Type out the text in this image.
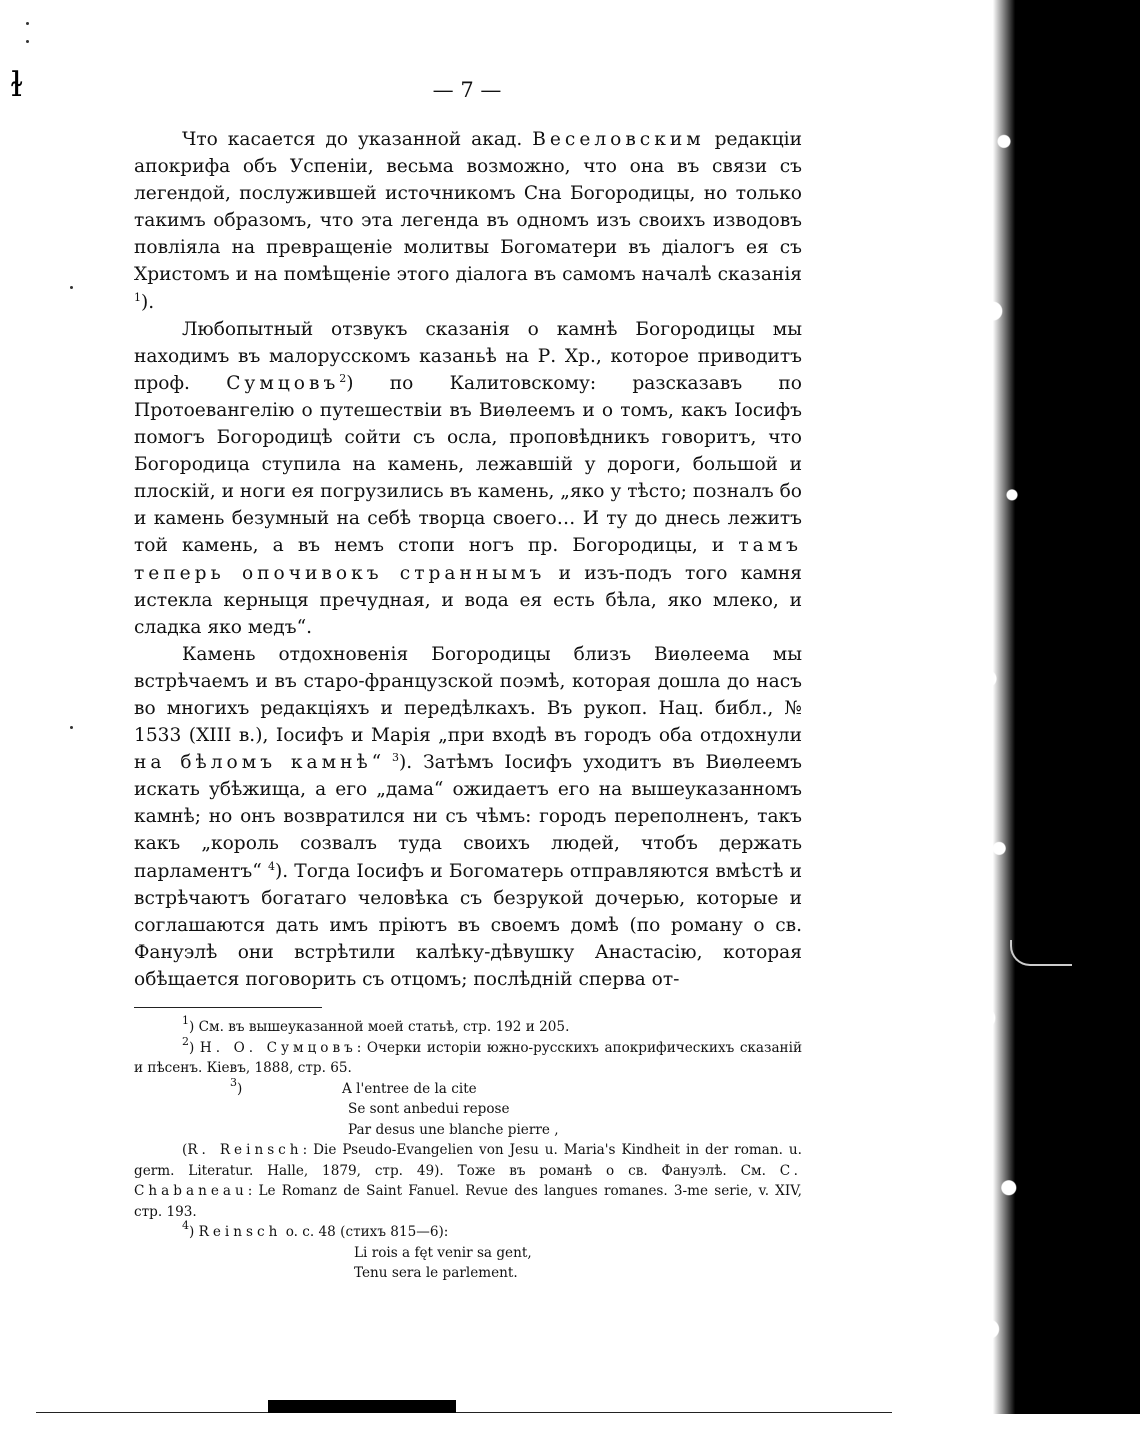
ɫ	— 7 —

Что касается до указанной акад. Веселовским редакціи апокрифа объ Успеніи, весьма возможно, что она въ связи съ легендой, послужившей источникомъ Сна Богородицы, но только такимъ образомъ, что эта легенда въ одномъ изъ своихъ изводовъ повліяла на превращеніе молитвы Богоматери въ діалогъ ея съ Христомъ и на помѣщеніе этого діалога въ самомъ началѣ сказанія $^1$).

Любопытный отзвукъ сказанія о камнѣ Богородицы мы находимъ въ малорусскомъ казаньѣ на Р. Хр., которое приводитъ проф. Сумцовъ$^2$) по Калитовскому: разсказавъ по Протоевангелію о путешествіи въ Виѳлеемъ и о томъ, какъ Іосифъ помогъ Богородицѣ сойти съ осла, проповѣдникъ говоритъ, что Богородица ступила на камень, лежавшій у дороги, большой и плоскій, и ноги ея погрузились въ камень, „яко у тѣсто; позналъ бо и камень безумный на себѣ творца своего… И ту до днесь лежитъ той камень, а въ немъ стопи ногъ пр. Богородицы, и тамъ теперь опочивокъ страннымъ и изъ-подъ того камня истекла керныця пречудная, и вода ея есть бѣла, яко млеко, и сладка яко медъ“.

Камень отдохновенія Богородицы близъ Виѳлеема мы встрѣчаемъ и въ старо-французской поэмѣ, которая дошла до насъ во многихъ редакціяхъ и передѣлкахъ. Въ рукоп. Нац. библ., № 1533 (XIII в.), Іосифъ и Марія „при входѣ въ городъ оба отдохнули на бѣломъ камнѣ“ $^3$). Затѣмъ Іосифъ уходитъ въ Виѳлеемъ искать убѣжища, а его „дама“ ожидаетъ его на вышеуказанномъ камнѣ; но онъ возвратился ни съ чѣмъ: городъ переполненъ, такъ какъ „король созвалъ туда своихъ людей, чтобъ держать парламентъ“ $^4$). Тогда Іосифъ и Богоматерь отправляются вмѣстѣ и встрѣчаютъ богатаго человѣка съ безрукой дочерью, которые и соглашаются дать имъ пріютъ въ своемъ домѣ (по роману о св. Фануэлѣ они встрѣтили калѣку-дѣвушку Анастасію, которая обѣщается поговорить съ отцомъ; послѣдній сперва от-

$^1$) См. въ вышеуказанной моей статьѣ, стр. 192 и 205.

$^2$) Н. О. Сумцовъ: Очерки исторіи южно-русскихъ апокрифическихъ сказаній и пѣсенъ. Кіевъ, 1888, стр. 65.

$^3$)	A l'entree de la cite

Se sont anbedui repose

Par desus une blanche pierre ,

(R. Reinsch: Die Pseudo-Evangelien von Jesu u. Maria's Kindheit in der roman. u. germ. Literatur. Halle, 1879, стр. 49). Тоже въ романѣ о св. Фануэлѣ. См. C. Chabaneau: Le Romanz de Saint Fanuel. Revue des langues romanes. 3-me serie, v. XIV, стр. 193.

$^4$) Reinsch o. c. 48 (стихъ 815—6):

Li rois a fęt venir sa gent,

Tenu sera le parlement.
